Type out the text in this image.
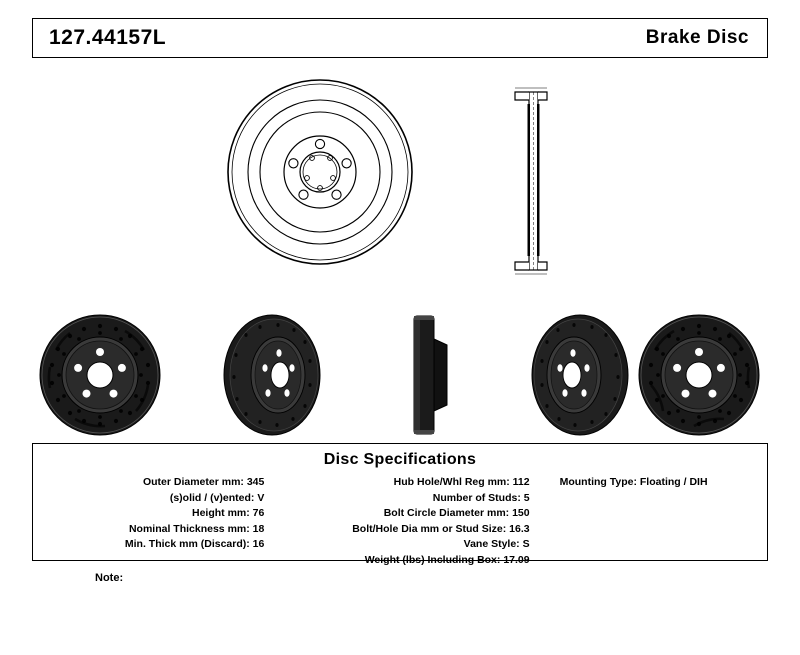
127.44157L	Brake Disc
Disc Specifications
Outer Diameter mm: 345
(s)olid / (v)ented: V
Height mm: 76
Nominal Thickness mm: 18
Min. Thick mm (Discard): 16
Hub Hole/Whl Reg mm: 112
Number of Studs: 5
Bolt Circle Diameter mm: 150
Bolt/Hole Dia mm or Stud Size: 16.3
Vane Style: S
Weight (lbs) Including Box: 17.09
Mounting Type: Floating / DIH
Note:
